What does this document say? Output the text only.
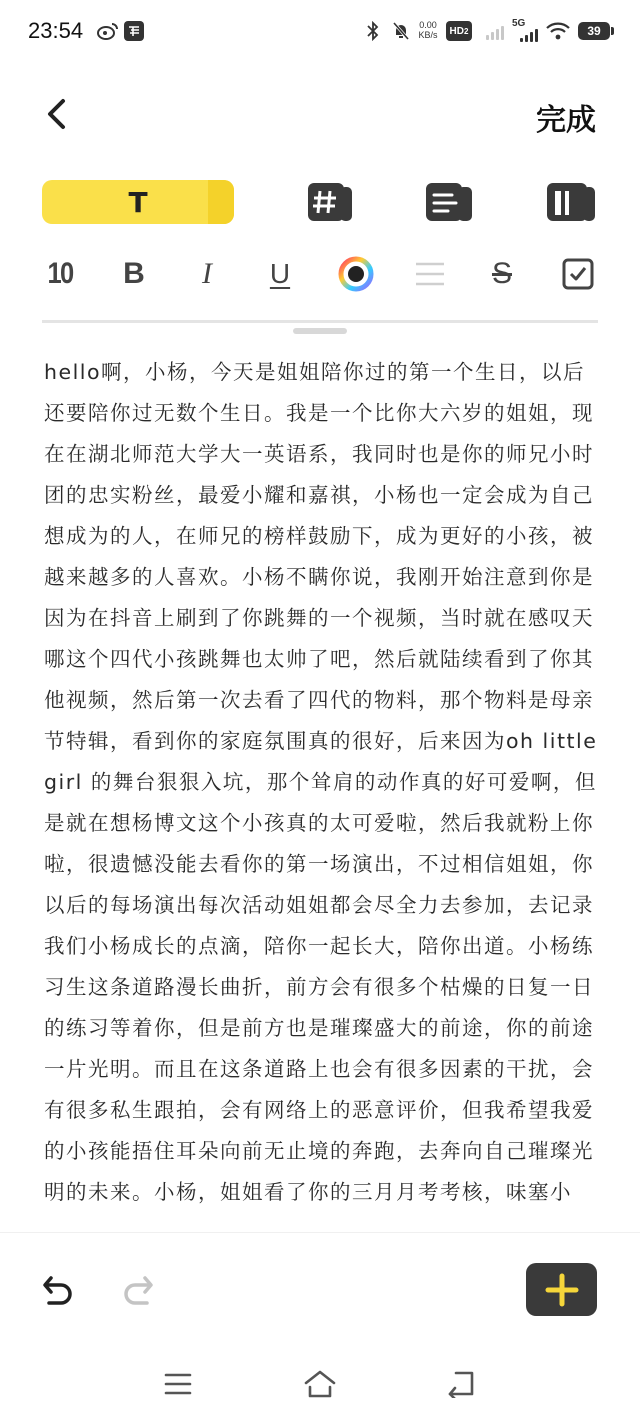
23:54	0.00
KB/s	HD 2
5G
39
完成
T
10 B	I	U	S

hello啊，小杨，今天是姐姐陪你过的第一个生日，以后还要陪你过无数个生日。我是一个比你大六岁的姐姐，现在在湖北师范大学大一英语系，我同时也是你的师兄小时团的忠实粉丝，最爱小耀和嘉祺，小杨也一定会成为自己想成为的人，在师兄的榜样鼓励下，成为更好的小孩，被越来越多的人喜欢。小杨不瞒你说，我刚开始注意到你是因为在抖音上刷到了你跳舞的一个视频，当时就在感叹天哪这个四代小孩跳舞也太帅了吧，然后就陆续看到了你其他视频，然后第一次去看了四代的物料，那个物料是母亲节特辑，看到你的家庭氛围真的很好，后来因为oh little girl 的舞台狠狠入坑，那个耸肩的动作真的好可爱啊，但是就在想杨博文这个小孩真的太可爱啦，然后我就粉上你啦，很遗憾没能去看你的第一场演出，不过相信姐姐，你以后的每场演出每次活动姐姐都会尽全力去参加，去记录我们小杨成长的点滴，陪你一起长大，陪你出道。小杨练习生这条道路漫长曲折，前方会有很多个枯燥的日复一日的练习等着你，但是前方也是璀璨盛大的前途，你的前途一片光明。而且在这条道路上也会有很多因素的干扰，会有很多私生跟拍，会有网络上的恶意评价，但我希望我爱的小孩能捂住耳朵向前无止境的奔跑，去奔向自己璀璨光明的未来。小杨，姐姐看了你的三月月考考核，味塞小
